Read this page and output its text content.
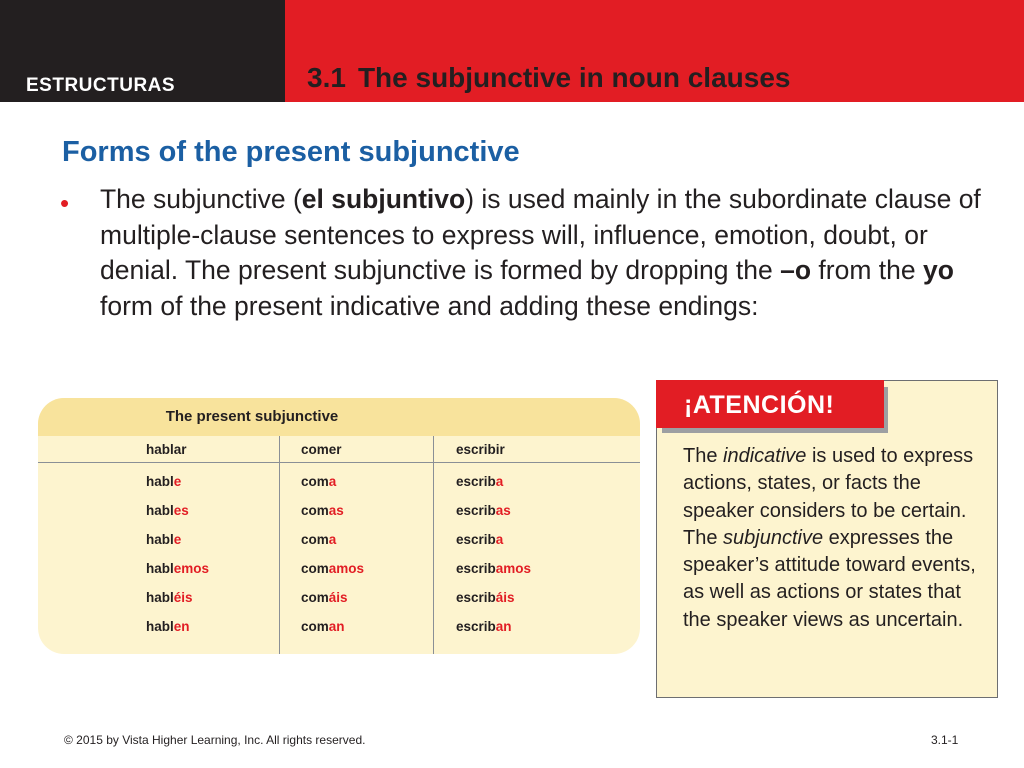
ESTRUCTURAS	3.1 The subjunctive in noun clauses
Forms of the present subjunctive
• The subjunctive (el subjuntivo) is used mainly in the subordinate clause of multiple-clause sentences to express will, influence, emotion, doubt, or denial. The present subjunctive is formed by dropping the –o from the yo form of the present indicative and adding these endings:
The present subjunctive
hablar	comer	escribir
hable	coma	escriba
hables	comas	escribas
hable	coma	escriba
hablemos	comamos	escribamos
habléis	comáis	escribáis
hablen	coman	escriban
¡ATENCIÓN!
The indicative is used to express actions, states, or facts the speaker considers to be certain. The subjunctive expresses the speaker’s attitude toward events, as well as actions or states that the speaker views as uncertain.
© 2015 by Vista Higher Learning, Inc. All rights reserved.	3.1-1
